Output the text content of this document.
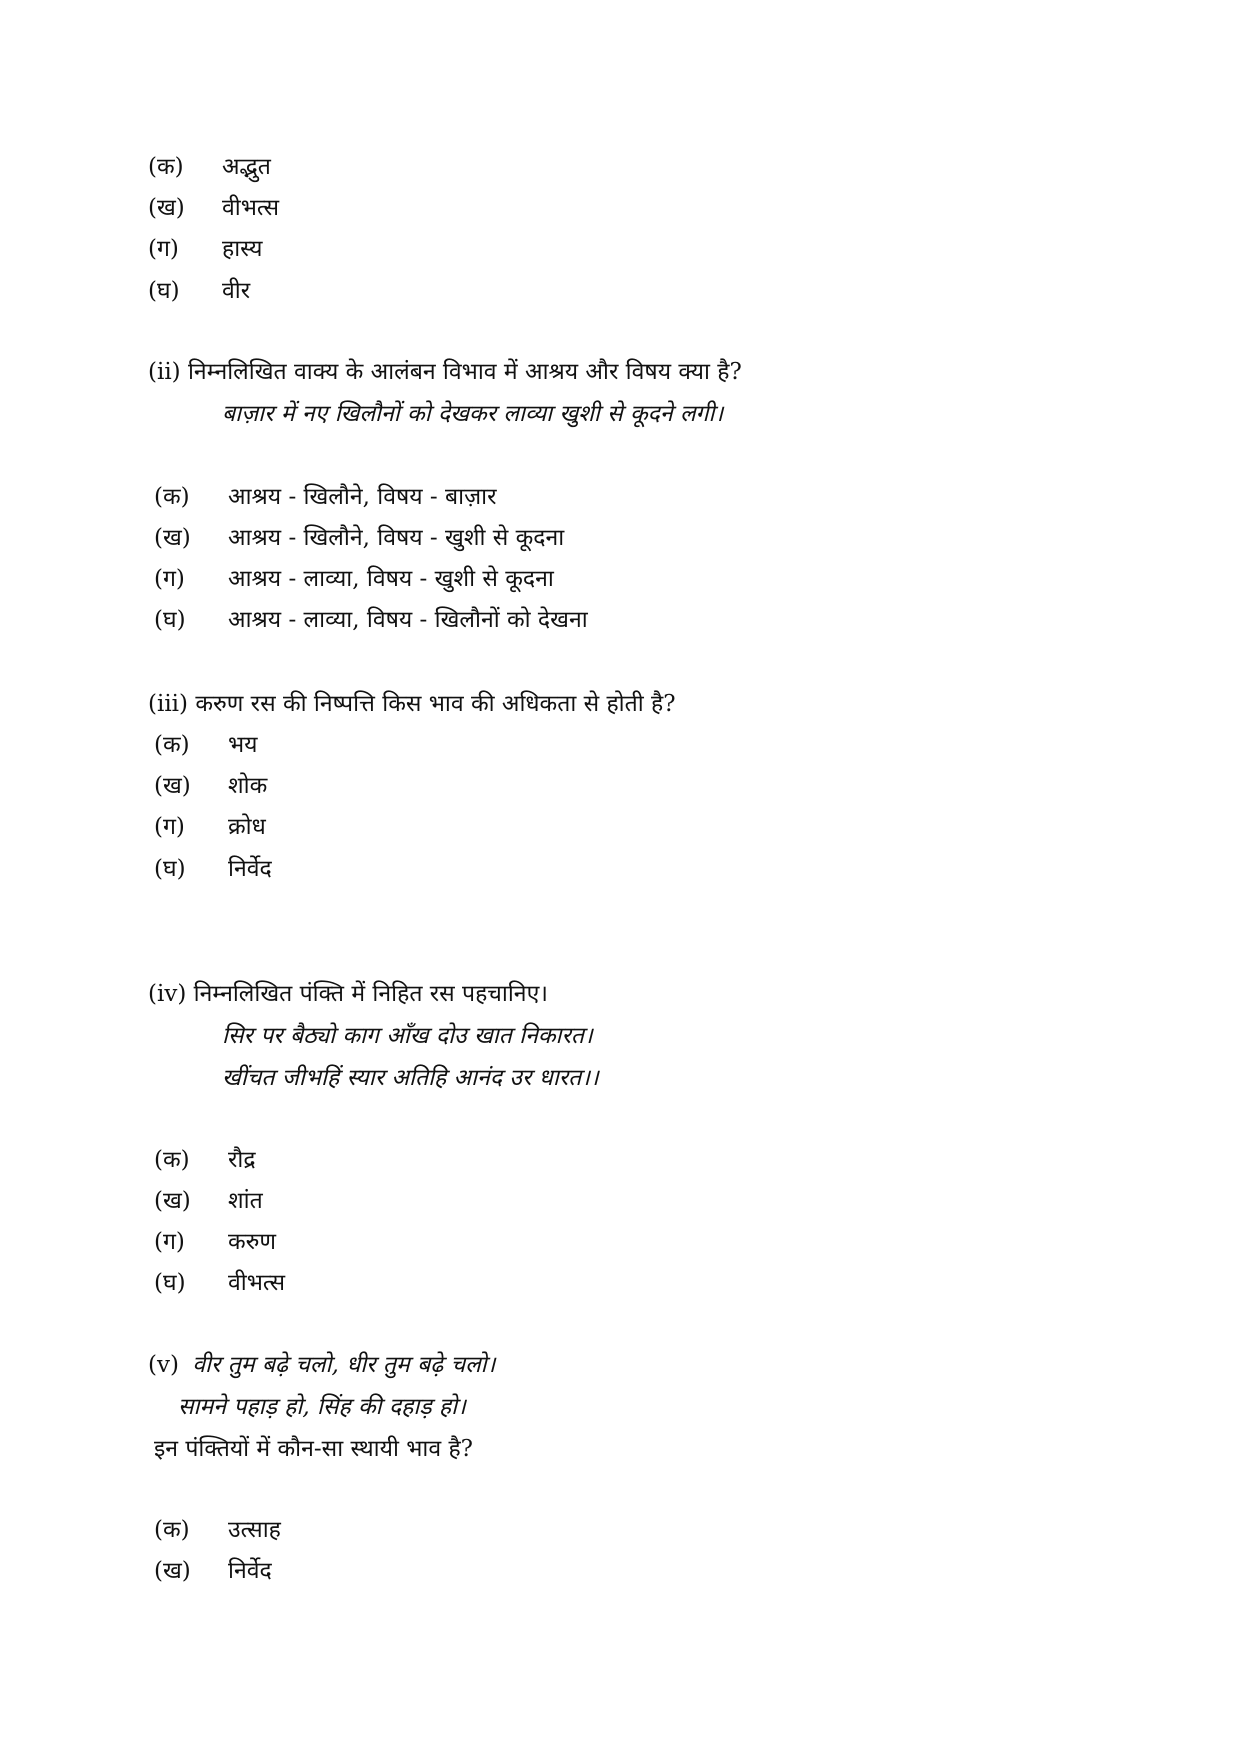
(क) अद्भुत
(ख) वीभत्स
(ग) हास्य
(घ) वीर
(ii) निम्नलिखित वाक्य के आलंबन विभाव में आश्रय और विषय क्या है?
बाज़ार में नए खिलौनों को देखकर लाव्या खुशी से कूदने लगी।
(क) आश्रय - खिलौने, विषय - बाज़ार
(ख) आश्रय - खिलौने, विषय - खुशी से कूदना
(ग) आश्रय - लाव्या, विषय - खुशी से कूदना
(घ) आश्रय - लाव्या, विषय - खिलौनों को देखना
(iii) करुण रस की निष्पत्ति किस भाव की अधिकता से होती है?
(क) भय
(ख) शोक
(ग) क्रोध
(घ) निर्वेद
(iv) निम्नलिखित पंक्ति में निहित रस पहचानिए।
सिर पर बैठ्यो काग आँख दोउ खात निकारत।
खींचत जीभहिं स्यार अतिहि आनंद उर धारत।।
(क) रौद्र
(ख) शांत
(ग) करुण
(घ) वीभत्स
(v) वीर तुम बढ़े चलो, धीर तुम बढ़े चलो।
सामने पहाड़ हो, सिंह की दहाड़ हो।
इन पंक्तियों में कौन-सा स्थायी भाव है?
(क) उत्साह
(ख) निर्वेद
